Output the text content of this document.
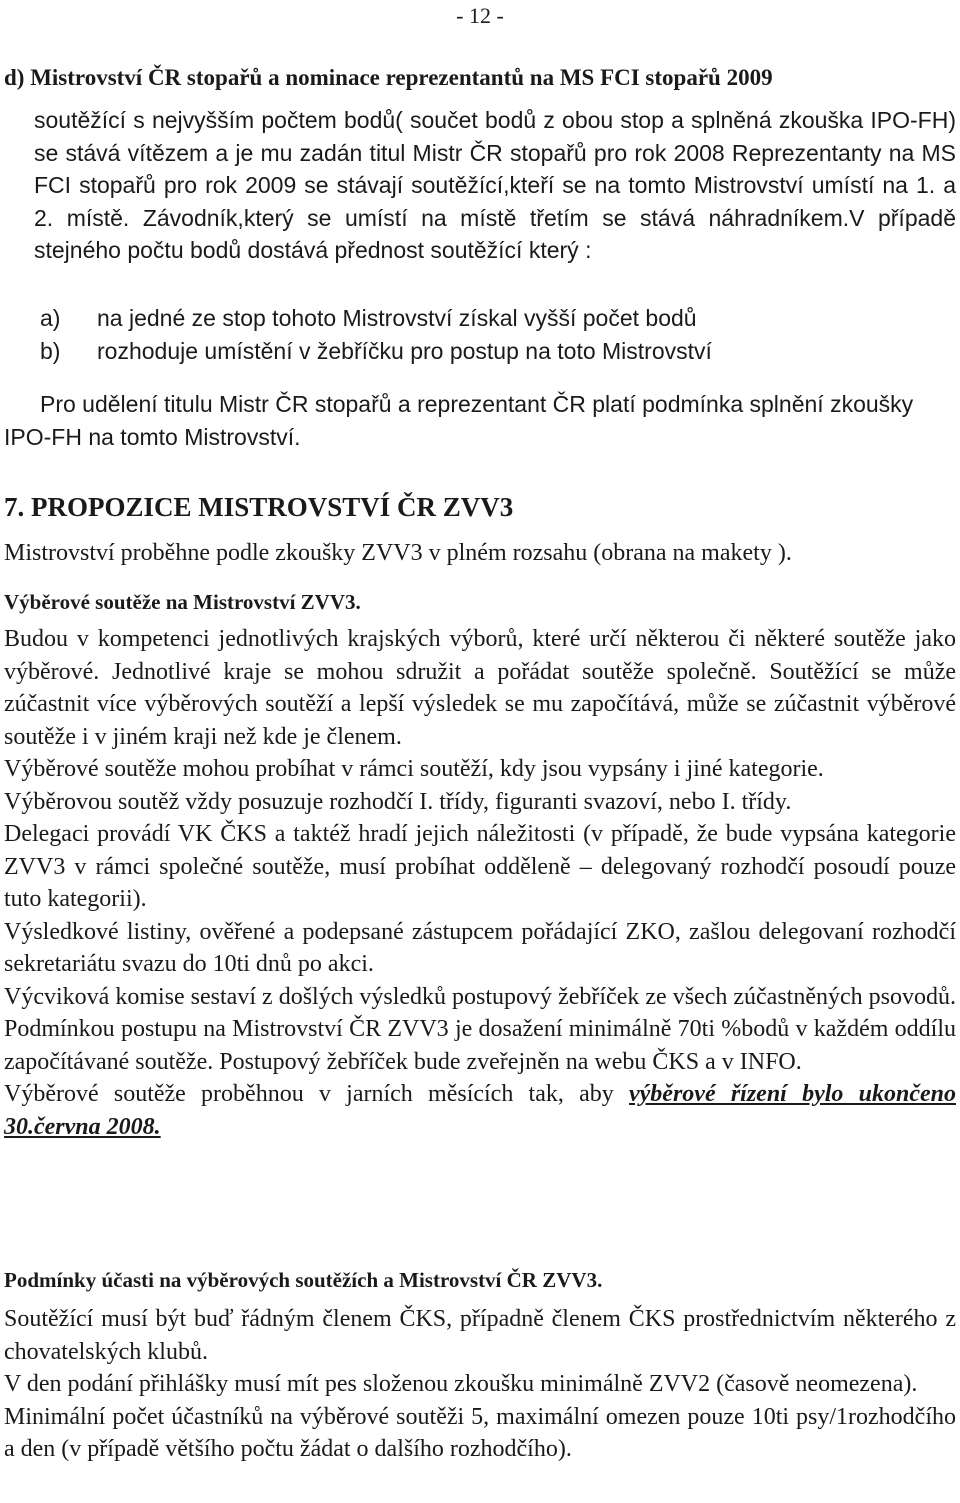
- 12 -
d) Mistrovství ČR stopařů a nominace reprezentantů na MS FCI stopařů 2009
soutěžící s nejvyšším počtem bodů( součet bodů z obou stop a splněná zkouška IPO-FH) se stává vítězem a je mu zadán titul Mistr ČR stopařů pro rok 2008 Reprezentanty na MS FCI stopařů pro rok 2009 se stávají soutěžící,kteří se na tomto Mistrovství umístí na 1. a 2. místě. Závodník,který se umístí na místě třetím se stává náhradníkem.V případě stejného počtu bodů dostává přednost soutěžící který :
a) na jedné ze stop tohoto Mistrovství získal vyšší počet bodů
b) rozhoduje umístění v žebříčku pro postup na toto Mistrovství
Pro udělení titulu Mistr ČR stopařů a reprezentant ČR platí podmínka splnění zkoušky IPO-FH na tomto Mistrovství.
7. PROPOZICE MISTROVSTVÍ ČR ZVV3
Mistrovství proběhne podle zkoušky ZVV3 v plném rozsahu (obrana na makety ).
Výběrové soutěže na Mistrovství ZVV3.
Budou v kompetenci jednotlivých krajských výborů, které určí některou či některé soutěže jako výběrové. Jednotlivé kraje se mohou sdružit a pořádat soutěže společně. Soutěžící se může zúčastnit více výběrových soutěží a lepší výsledek se mu započítává, může se zúčastnit výběrové soutěže i v jiném kraji než kde je členem.
Výběrové soutěže mohou probíhat v rámci soutěží, kdy jsou vypsány i jiné kategorie.
Výběrovou soutěž vždy posuzuje rozhodčí I. třídy, figuranti svazoví, nebo I. třídy.
Delegaci provádí VK ČKS a taktéž hradí jejich náležitosti (v případě, že bude vypsána kategorie ZVV3 v rámci společné soutěže, musí probíhat odděleně – delegovaný rozhodčí posoudí pouze tuto kategorii).
Výsledkové listiny, ověřené a podepsané zástupcem pořádající ZKO, zašlou delegovaní rozhodčí sekretariátu svazu do 10ti dnů po akci.
Výcviková komise sestaví z došlých výsledků postupový žebříček ze všech zúčastněných psovodů. Podmínkou postupu na Mistrovství ČR ZVV3 je dosažení minimálně 70ti %bodů v každém oddílu započítávané soutěže. Postupový žebříček bude zveřejněn na webu ČKS a v INFO.
Výběrové soutěže proběhnou v jarních měsících tak, aby výběrové řízení bylo ukončeno 30.června 2008.
Podmínky účasti na výběrových soutěžích a Mistrovství ČR ZVV3.
Soutěžící musí být buď řádným členem ČKS, případně členem ČKS prostřednictvím některého z chovatelských klubů.
V den podání přihlášky musí mít pes složenou zkoušku minimálně ZVV2 (časově neomezena).
Minimální počet účastníků na výběrové soutěži 5, maximální omezen pouze 10ti psy/1rozhodčího a den (v případě většího počtu žádat o dalšího rozhodčího).
